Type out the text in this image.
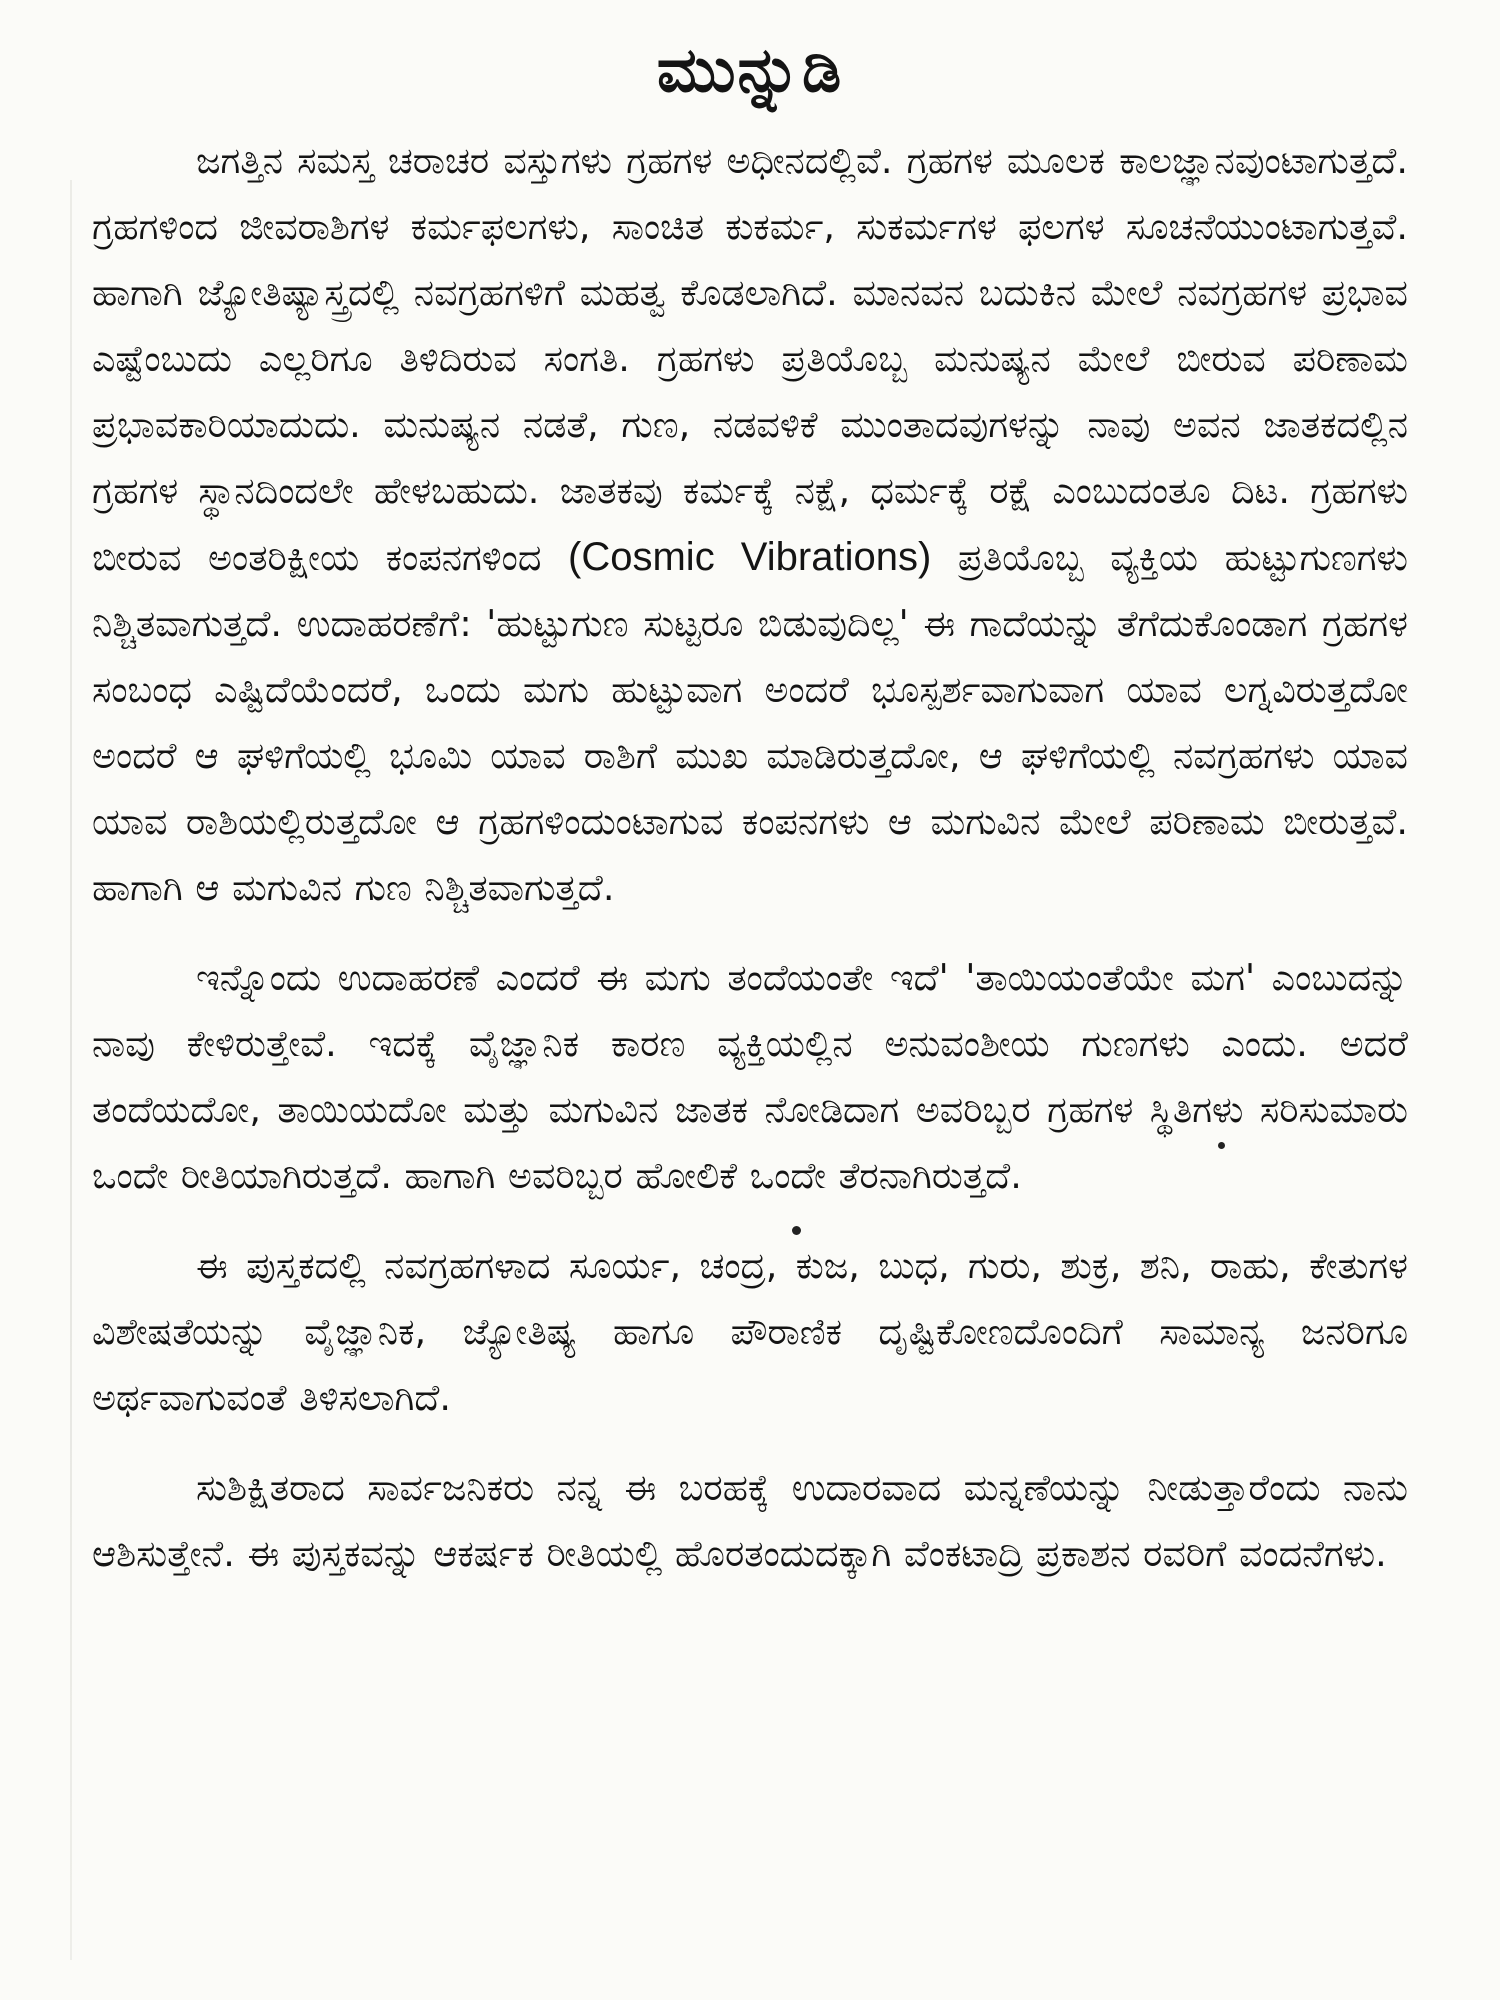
ಮುನ್ನುಡಿ

ಜಗತ್ತಿನ ಸಮಸ್ತ ಚರಾಚರ ವಸ್ತುಗಳು ಗ್ರಹಗಳ ಅಧೀನದಲ್ಲಿವೆ. ಗ್ರಹಗಳ ಮೂಲಕ ಕಾಲಜ್ಞಾನವುಂಟಾಗುತ್ತದೆ. ಗ್ರಹಗಳಿಂದ ಜೀವರಾಶಿಗಳ ಕರ್ಮಫಲಗಳು, ಸಾಂಚಿತ ಕುಕರ್ಮ, ಸುಕರ್ಮಗಳ ಫಲಗಳ ಸೂಚನೆಯುಂಟಾಗುತ್ತವೆ. ಹಾಗಾಗಿ ಜ್ಯೋತಿಷ್ಯಾಸ್ತ್ರದಲ್ಲಿ ನವಗ್ರಹಗಳಿಗೆ ಮಹತ್ವ ಕೊಡಲಾಗಿದೆ. ಮಾನವನ ಬದುಕಿನ ಮೇಲೆ ನವಗ್ರಹಗಳ ಪ್ರಭಾವ ಎಷ್ಟೆಂಬುದು ಎಲ್ಲರಿಗೂ ತಿಳಿದಿರುವ ಸಂಗತಿ. ಗ್ರಹಗಳು ಪ್ರತಿಯೊಬ್ಬ ಮನುಷ್ಯನ ಮೇಲೆ ಬೀರುವ ಪರಿಣಾಮ ಪ್ರಭಾವಕಾರಿಯಾದುದು. ಮನುಷ್ಯನ ನಡತೆ, ಗುಣ, ನಡವಳಿಕೆ ಮುಂತಾದವುಗಳನ್ನು ನಾವು ಅವನ ಜಾತಕದಲ್ಲಿನ ಗ್ರಹಗಳ ಸ್ಥಾನದಿಂದಲೇ ಹೇಳಬಹುದು. ಜಾತಕವು ಕರ್ಮಕ್ಕೆ ನಕ್ಷೆ, ಧರ್ಮಕ್ಕೆ ರಕ್ಷೆ ಎಂಬುದಂತೂ ದಿಟ. ಗ್ರಹಗಳು ಬೀರುವ ಅಂತರಿಕ್ಷೀಯ ಕಂಪನಗಳಿಂದ (Cosmic Vibrations) ಪ್ರತಿಯೊಬ್ಬ ವ್ಯಕ್ತಿಯ ಹುಟ್ಟುಗುಣಗಳು ನಿಶ್ಚಿತವಾಗುತ್ತದೆ. ಉದಾಹರಣೆಗೆ: 'ಹುಟ್ಟುಗುಣ ಸುಟ್ಟರೂ ಬಿಡುವುದಿಲ್ಲ' ಈ ಗಾದೆಯನ್ನು ತೆಗೆದುಕೊಂಡಾಗ ಗ್ರಹಗಳ ಸಂಬಂಧ ಎಷ್ಟಿದೆಯೆಂದರೆ, ಒಂದು ಮಗು ಹುಟ್ಟುವಾಗ ಅಂದರೆ ಭೂಸ್ಪರ್ಶವಾಗುವಾಗ ಯಾವ ಲಗ್ನವಿರುತ್ತದೋ ಅಂದರೆ ಆ ಘಳಿಗೆಯಲ್ಲಿ ಭೂಮಿ ಯಾವ ರಾಶಿಗೆ ಮುಖ ಮಾಡಿರುತ್ತದೋ, ಆ ಘಳಿಗೆಯಲ್ಲಿ ನವಗ್ರಹಗಳು ಯಾವ ಯಾವ ರಾಶಿಯಲ್ಲಿರುತ್ತದೋ ಆ ಗ್ರಹಗಳಿಂದುಂಟಾಗುವ ಕಂಪನಗಳು ಆ ಮಗುವಿನ ಮೇಲೆ ಪರಿಣಾಮ ಬೀರುತ್ತವೆ. ಹಾಗಾಗಿ ಆ ಮಗುವಿನ ಗುಣ ನಿಶ್ಚಿತವಾಗುತ್ತದೆ.

ಇನ್ನೊಂದು ಉದಾಹರಣೆ ಎಂದರೆ ಈ ಮಗು ತಂದೆಯಂತೇ ಇದೆ' 'ತಾಯಿಯಂತೆಯೇ ಮಗ' ಎಂಬುದನ್ನು ನಾವು ಕೇಳಿರುತ್ತೇವೆ. ಇದಕ್ಕೆ ವೈಜ್ಞಾನಿಕ ಕಾರಣ ವ್ಯಕ್ತಿಯಲ್ಲಿನ ಅನುವಂಶೀಯ ಗುಣಗಳು ಎಂದು. ಅದರೆ ತಂದೆಯದೋ, ತಾಯಿಯದೋ ಮತ್ತು ಮಗುವಿನ ಜಾತಕ ನೋಡಿದಾಗ ಅವರಿಬ್ಬರ ಗ್ರಹಗಳ ಸ್ಥಿತಿಗಳು ಸರಿಸುಮಾರು ಒಂದೇ ರೀತಿಯಾಗಿರುತ್ತದೆ. ಹಾಗಾಗಿ ಅವರಿಬ್ಬರ ಹೋಲಿಕೆ ಒಂದೇ ತೆರನಾಗಿರುತ್ತದೆ.

ಈ ಪುಸ್ತಕದಲ್ಲಿ ನವಗ್ರಹಗಳಾದ ಸೂರ್ಯ, ಚಂದ್ರ, ಕುಜ, ಬುಧ, ಗುರು, ಶುಕ್ರ, ಶನಿ, ರಾಹು, ಕೇತುಗಳ ವಿಶೇಷತೆಯನ್ನು ವೈಜ್ಞಾನಿಕ, ಜ್ಯೋತಿಷ್ಯ ಹಾಗೂ ಪೌರಾಣಿಕ ದೃಷ್ಟಿಕೋಣದೊಂದಿಗೆ ಸಾಮಾನ್ಯ ಜನರಿಗೂ ಅರ್ಥವಾಗುವಂತೆ ತಿಳಿಸಲಾಗಿದೆ.

ಸುಶಿಕ್ಷಿತರಾದ ಸಾರ್ವಜನಿಕರು ನನ್ನ ಈ ಬರಹಕ್ಕೆ ಉದಾರವಾದ ಮನ್ನಣೆಯನ್ನು ನೀಡುತ್ತಾರೆಂದು ನಾನು ಆಶಿಸುತ್ತೇನೆ. ಈ ಪುಸ್ತಕವನ್ನು ಆಕರ್ಷಕ ರೀತಿಯಲ್ಲಿ ಹೊರತಂದುದಕ್ಕಾಗಿ ವೆಂಕಟಾದ್ರಿ ಪ್ರಕಾಶನ ರವರಿಗೆ ವಂದನೆಗಳು.
